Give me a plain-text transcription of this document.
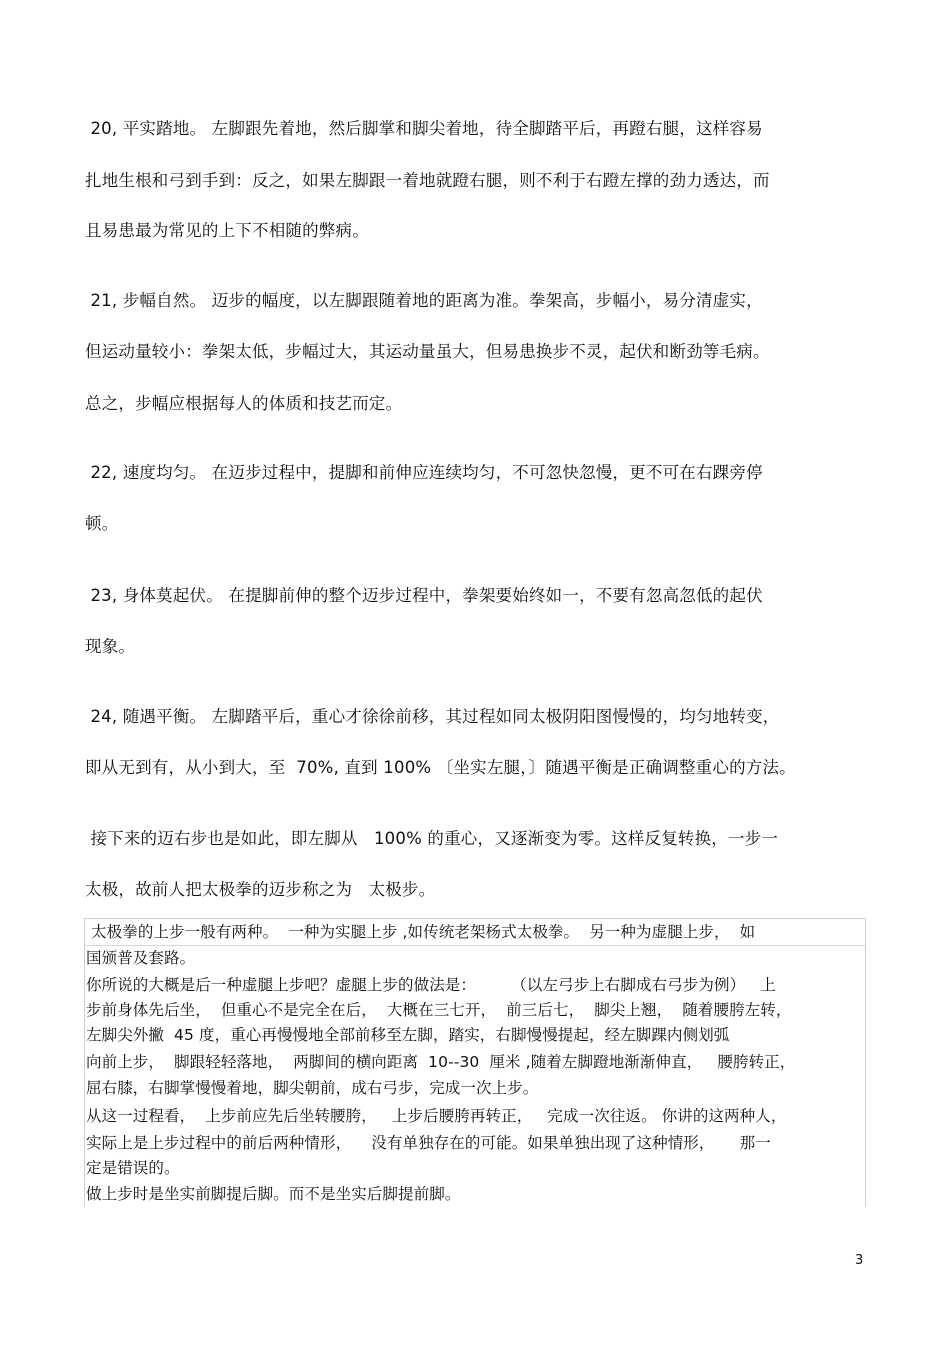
20, 平实踏地。 左脚跟先着地，然后脚掌和脚尖着地，待全脚踏平后，再蹬右腿，这样容易
扎地生根和弓到手到：反之，如果左脚跟一着地就蹬右腿，则不利于右蹬左撑的劲力透达，而
且易患最为常见的上下不相随的弊病。
21, 步幅自然。 迈步的幅度，以左脚跟随着地的距离为准。拳架高，步幅小，易分清虚实，
但运动量较小：拳架太低，步幅过大，其运动量虽大，但易患换步不灵，起伏和断劲等毛病。
总之，步幅应根据每人的体质和技艺而定。
22, 速度均匀。 在迈步过程中，提脚和前伸应连续均匀，不可忽快忽慢，更不可在右踝旁停
顿。
23, 身体莫起伏。 在提脚前伸的整个迈步过程中，拳架要始终如一，不要有忽高忽低的起伏
现象。
24, 随遇平衡。 左脚踏平后，重心才徐徐前移，其过程如同太极阴阳图慢慢的，均匀地转变，
即从无到有，从小到大，至  70%, 直到 100% 〔坐实左腿，〕随遇平衡是正确调整重心的方法。
接下来的迈右步也是如此，即左脚从   100% 的重心，又逐渐变为零。这样反复转换，一步一
太极，故前人把太极拳的迈步称之为   太极步。
太极拳的上步一般有两种。  一种为实腿上步 ,如传统老架杨式太极拳。  另一种为虚腿上步，  如
国颁普及套路。
你所说的大概是后一种虚腿上步吧？虚腿上步的做法是：       （以左弓步上右脚成右弓步为例）   上
步前身体先后坐，  但重心不是完全在后，  大概在三七开，  前三后七，  脚尖上翘，  随着腰胯左转，
左脚尖外撇  45 度，重心再慢慢地全部前移至左脚，踏实，右脚慢慢提起，经左脚踝内侧划弧
向前上步，  脚跟轻轻落地，  两脚间的横向距离  10--30  厘米 ,随着左脚蹬地渐渐伸直，   腰胯转正，
屈右膝，右脚掌慢慢着地，脚尖朝前，成右弓步，完成一次上步。
从这一过程看，  上步前应先后坐转腰胯，   上步后腰胯再转正，   完成一次往返。 你讲的这两种人，
实际上是上步过程中的前后两种情形，    没有单独存在的可能。如果单独出现了这种情形，     那一
定是错误的。
做上步时是坐实前脚提后脚。而不是坐实后脚提前脚。
3
